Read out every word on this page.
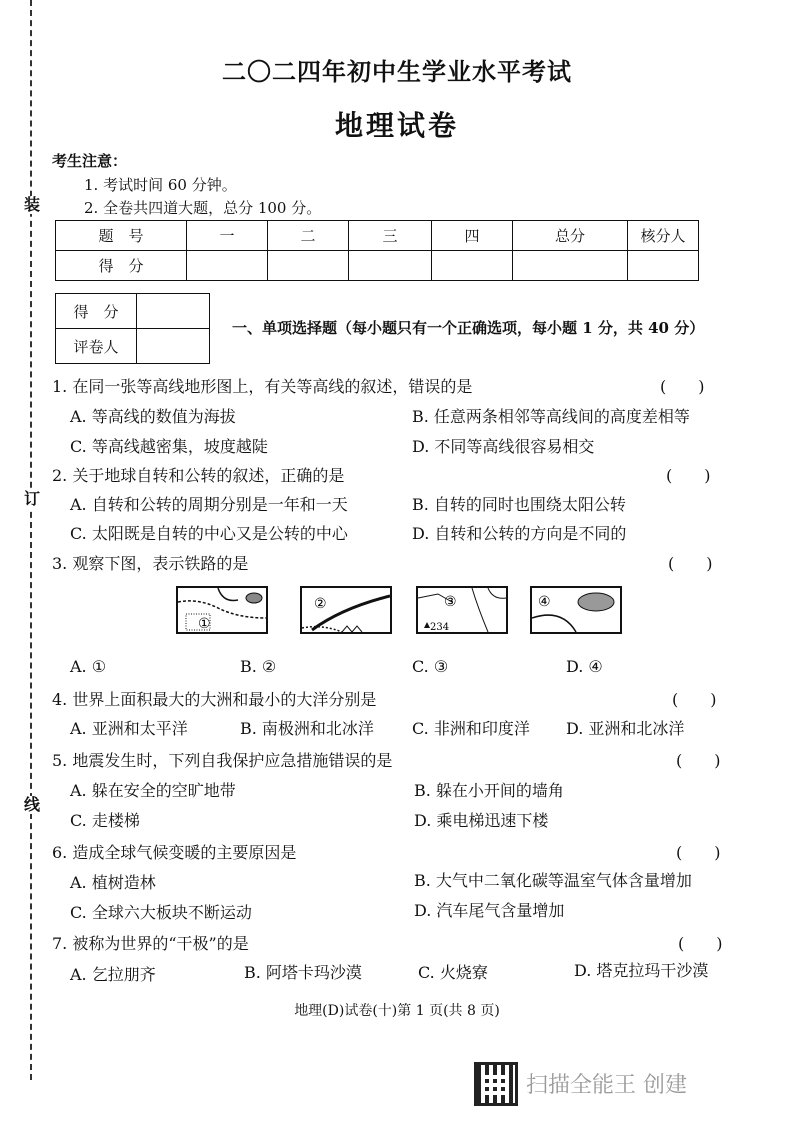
装
订
线
二〇二四年初中生学业水平考试
地理试卷
考生注意：
1. 考试时间 60 分钟。
2. 全卷共四道大题，总分 100 分。
题　号	一	二	三	四	总分	核分人
得　分						
得　分	
评卷人	
一、单项选择题（每小题只有一个正确选项，每小题 1 分，共 40 分）
1. 在同一张等高线地形图上，有关等高线的叙述，错误的是	(　　)
A. 等高线的数值为海拔	B. 任意两条相邻等高线间的高度差相等
C. 等高线越密集，坡度越陡	D. 不同等高线很容易相交
2. 关于地球自转和公转的叙述，正确的是	(　　)
A. 自转和公转的周期分别是一年和一天	B. 自转的同时也围绕太阳公转
C. 太阳既是自转的中心又是公转的中心	D. 自转和公转的方向是不同的
3. 观察下图，表示铁路的是	(　　)
①
②	③
234
④
A. ①	B. ②	C. ③	D. ④
4. 世界上面积最大的大洲和最小的大洋分别是	(　　)
A. 亚洲和太平洋	B. 南极洲和北冰洋 C. 非洲和印度洋 D. 亚洲和北冰洋
5. 地震发生时，下列自我保护应急措施错误的是	(　　)
A. 躲在安全的空旷地带	B. 躲在小开间的墙角
C. 走楼梯	D. 乘电梯迅速下楼
6. 造成全球气候变暖的主要原因是	(　　)
A. 植树造林	B. 大气中二氧化碳等温室气体含量增加
C. 全球六大板块不断运动	D. 汽车尾气含量增加
7. 被称为世界的“干极”的是	(　　)
A. 乞拉朋齐	B. 阿塔卡玛沙漠	C. 火烧寮	D. 塔克拉玛干沙漠
地理(D)试卷(十)第 1 页(共 8 页)
扫描全能王 创建
